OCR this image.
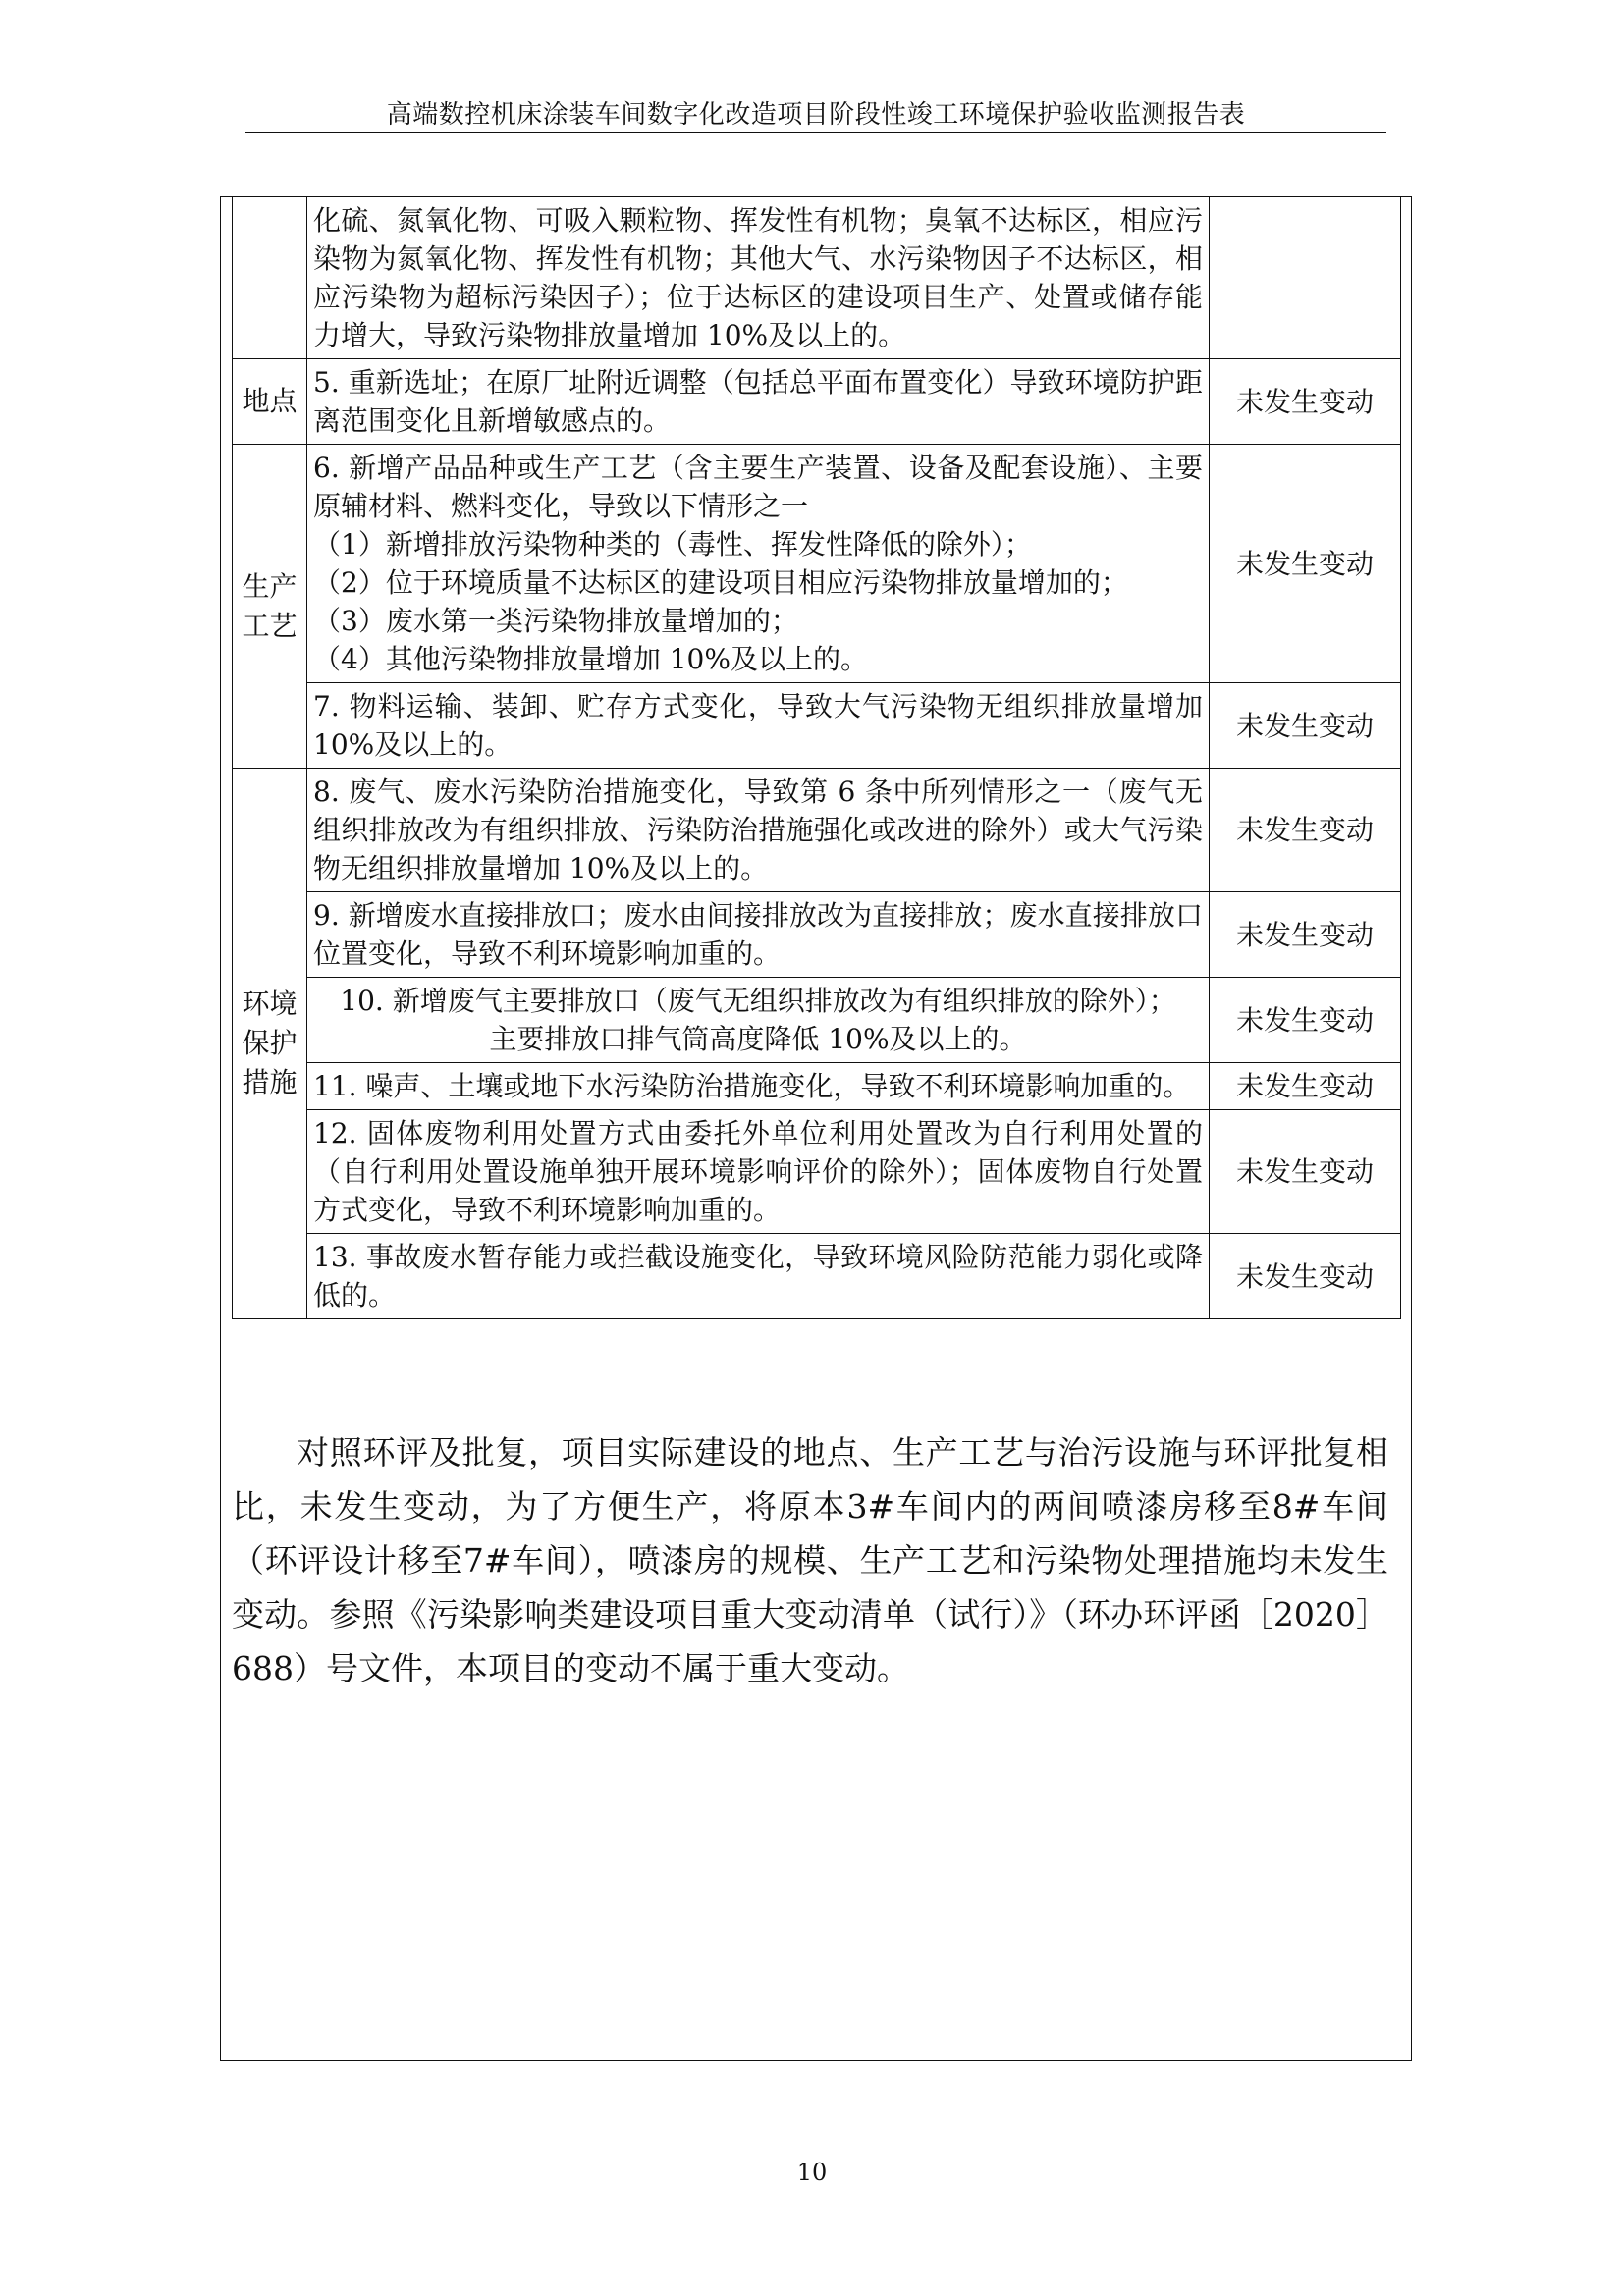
高端数控机床涂装车间数字化改造项目阶段性竣工环境保护验收监测报告表
	化硫、氮氧化物、可吸入颗粒物、挥发性有机物；臭氧不达标区，相应污染物为氮氧化物、挥发性有机物；其他大气、水污染物因子不达标区，相应污染物为超标污染因子）；位于达标区的建设项目生产、处置或储存能力增大，导致污染物排放量增加 10%及以上的。	
地点	5. 重新选址；在原厂址附近调整（包括总平面布置变化）导致环境防护距离范围变化且新增敏感点的。	未发生变动
生产工艺	6. 新增产品品种或生产工艺（含主要生产装置、设备及配套设施）、主要原辅材料、燃料变化，导致以下情形之一
（1）新增排放污染物种类的（毒性、挥发性降低的除外）；
（2）位于环境质量不达标区的建设项目相应污染物排放量增加的；
（3）废水第一类污染物排放量增加的；
（4）其他污染物排放量增加 10%及以上的。	未发生变动
	7. 物料运输、装卸、贮存方式变化，导致大气污染物无组织排放量增加 10%及以上的。	未发生变动
环境保护措施	8. 废气、废水污染防治措施变化，导致第 6 条中所列情形之一（废气无组织排放改为有组织排放、污染防治措施强化或改进的除外）或大气污染物无组织排放量增加 10%及以上的。	未发生变动
	9. 新增废水直接排放口；废水由间接排放改为直接排放；废水直接排放口位置变化，导致不利环境影响加重的。	未发生变动

	10. 新增废气主要排放口（废气无组织排放改为有组织排放的除外）；
主要排放口排气筒高度降低 10%及以上的。	未发生变动
	11. 噪声、土壤或地下水污染防治措施变化，导致不利环境影响加重的。	未发生变动
	12. 固体废物利用处置方式由委托外单位利用处置改为自行利用处置的（自行利用处置设施单独开展环境影响评价的除外）；固体废物自行处置方式变化，导致不利环境影响加重的。	未发生变动
	13. 事故废水暂存能力或拦截设施变化，导致环境风险防范能力弱化或降低的。	未发生变动
对照环评及批复，项目实际建设的地点、生产工艺与治污设施与环评批复相比，未发生变动，为了方便生产，将原本3#车间内的两间喷漆房移至8#车间（环评设计移至7#车间），喷漆房的规模、生产工艺和污染物处理措施均未发生变动。参照《污染影响类建设项目重大变动清单（试行）》（环办环评函［2020］688）号文件，本项目的变动不属于重大变动。
10
